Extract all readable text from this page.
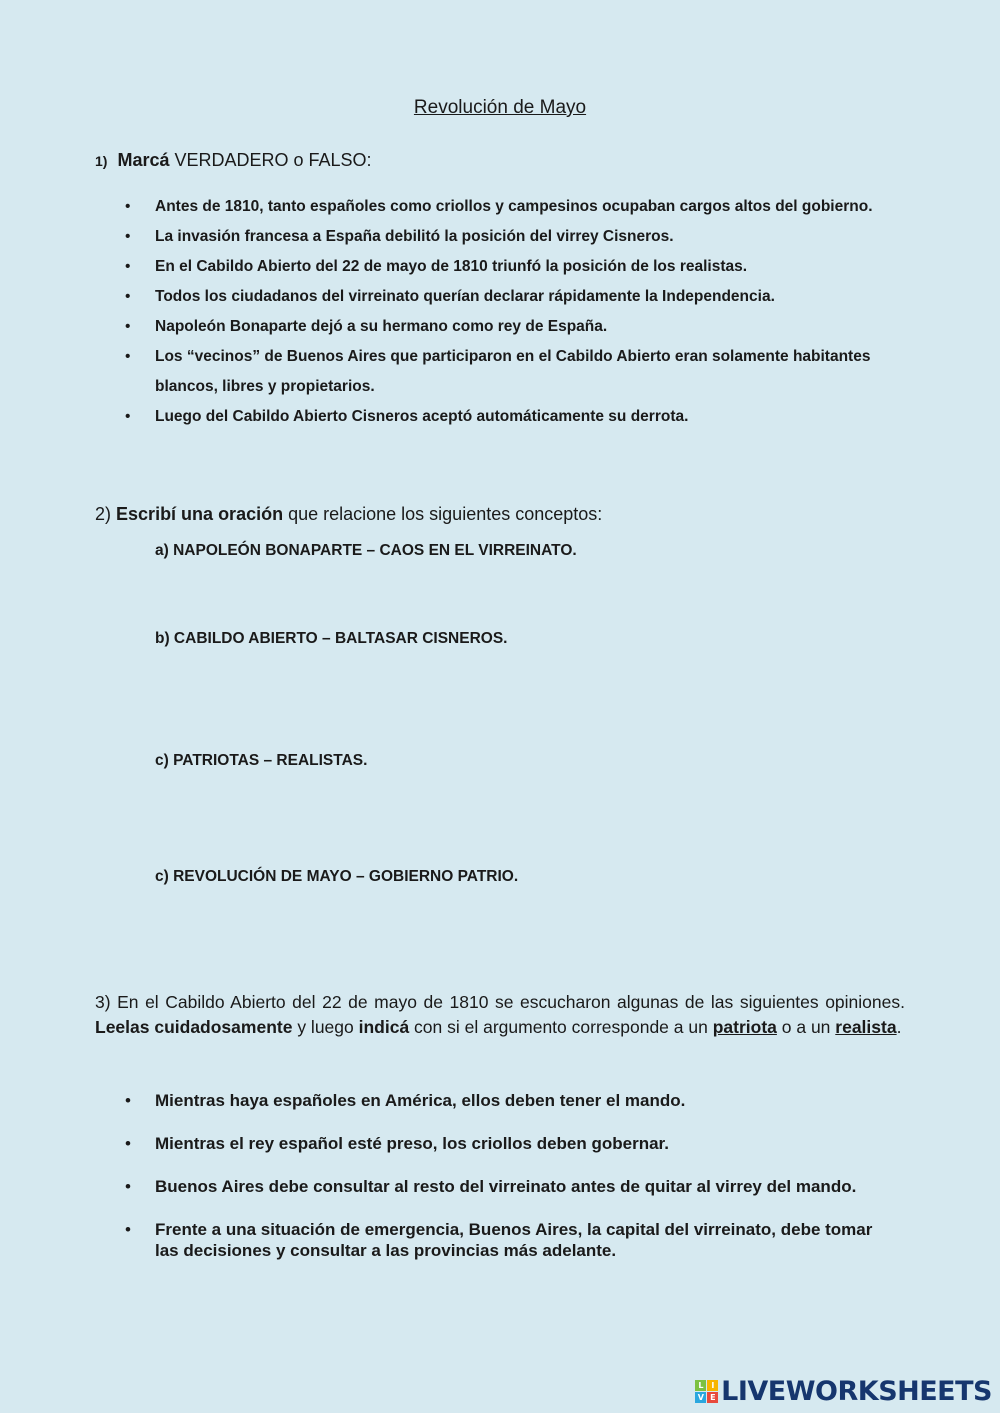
Revolución de Mayo
1) Marcá VERDADERO o FALSO:
• Antes de 1810, tanto españoles como criollos y campesinos ocupaban cargos altos del gobierno.
• La invasión francesa a España debilitó la posición del virrey Cisneros.
• En el Cabildo Abierto del 22 de mayo de 1810 triunfó la posición de los realistas.
• Todos los ciudadanos del virreinato querían declarar rápidamente la Independencia.
• Napoleón Bonaparte dejó a su hermano como rey de España.
• Los “vecinos” de Buenos Aires que participaron en el Cabildo Abierto eran solamente habitantes blancos, libres y propietarios.
• Luego del Cabildo Abierto Cisneros aceptó automáticamente su derrota.
2) Escribí una oración que relacione los siguientes conceptos:

a) NAPOLEÓN BONAPARTE – CAOS EN EL VIRREINATO.

b) CABILDO ABIERTO – BALTASAR CISNEROS.

c) PATRIOTAS – REALISTAS.

c) REVOLUCIÓN DE MAYO – GOBIERNO PATRIO.

3) En el Cabildo Abierto del 22 de mayo de 1810 se escucharon algunas de las siguientes opiniones. Leelas cuidadosamente y luego indicá con si el argumento corresponde a un patriota o a un realista.

• Mientras haya españoles en América, ellos deben tener el mando.
• Mientras el rey español esté preso, los criollos deben gobernar.
• Buenos Aires debe consultar al resto del virreinato antes de quitar al virrey del mando.
• Frente a una situación de emergencia, Buenos Aires, la capital del virreinato, debe tomar las decisiones y consultar a las provincias más adelante.
L	I
V E LIVEWORKSHEETS
